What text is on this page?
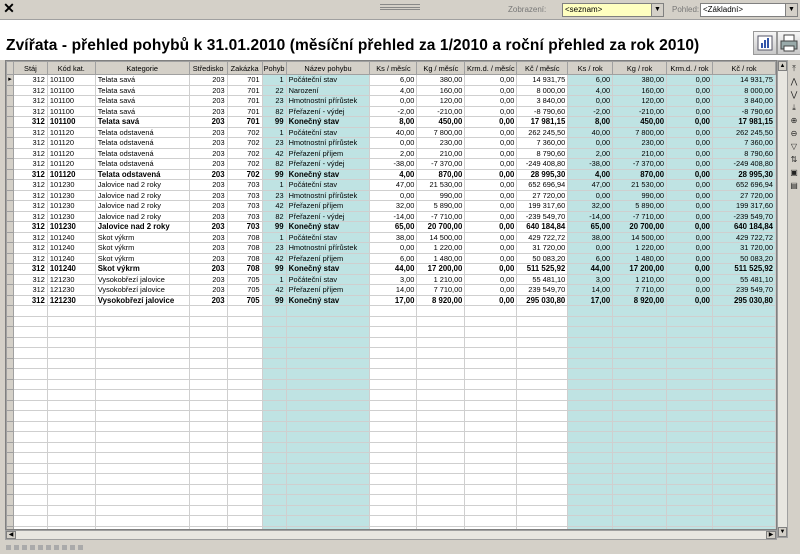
✕	Zobrazení:	<seznam>	▼ Pohled: <Základní>	▼
Zvířata - přehled pohybů k 31.01.2010 (měsíční přehled za 1/2010 a roční přehled za rok 2010)
	Stáj	Kód kat.	Kategorie	Středisko	Zakázka	Pohyb	Název pohybu	Ks / měsíc	Kg / měsíc	Krm.d. / měsíc	Kč / měsíc	Ks / rok	Kg / rok	Krm.d. / rok	Kč / rok
▸	312	101100	Telata savá	203	701	1	Počáteční stav	6,00	380,00	0,00	14 931,75	6,00	380,00	0,00	14 931,75
	312	101100	Telata savá	203	701	22	Narození	4,00	160,00	0,00	8 000,00	4,00	160,00	0,00	8 000,00
	312	101100	Telata savá	203	701	23	Hmotnostní přírůstek	0,00	120,00	0,00	3 840,00	0,00	120,00	0,00	3 840,00
	312	101100	Telata savá	203	701	82	Přeřazení - výdej	-2,00	-210,00	0,00	-8 790,60	-2,00	-210,00	0,00	-8 790,60
	312	101100	Telata savá	203	701	99	Konečný stav	8,00	450,00	0,00	17 981,15	8,00	450,00	0,00	17 981,15
	312	101120	Telata odstavená	203	702	1	Počáteční stav	40,00	7 800,00	0,00	262 245,50	40,00	7 800,00	0,00	262 245,50
	312	101120	Telata odstavená	203	702	23	Hmotnostní přírůstek	0,00	230,00	0,00	7 360,00	0,00	230,00	0,00	7 360,00
	312	101120	Telata odstavená	203	702	42	Přeřazení příjem	2,00	210,00	0,00	8 790,60	2,00	210,00	0,00	8 790,60
	312	101120	Telata odstavená	203	702	82	Přeřazení - výdej	-38,00	-7 370,00	0,00	-249 408,80	-38,00	-7 370,00	0,00	-249 408,80
	312	101120	Telata odstavená	203	702	99	Konečný stav	4,00	870,00	0,00	28 995,30	4,00	870,00	0,00	28 995,30
	312	101230	Jalovice nad 2 roky	203	703	1	Počáteční stav	47,00	21 530,00	0,00	652 696,94	47,00	21 530,00	0,00	652 696,94
	312	101230	Jalovice nad 2 roky	203	703	23	Hmotnostní přírůstek	0,00	990,00	0,00	27 720,00	0,00	990,00	0,00	27 720,00
	312	101230	Jalovice nad 2 roky	203	703	42	Přeřazení příjem	32,00	5 890,00	0,00	199 317,60	32,00	5 890,00	0,00	199 317,60
	312	101230	Jalovice nad 2 roky	203	703	82	Přeřazení - výdej	-14,00	-7 710,00	0,00	-239 549,70	-14,00	-7 710,00	0,00	-239 549,70
	312	101230	Jalovice nad 2 roky	203	703	99	Konečný stav	65,00	20 700,00	0,00	640 184,84	65,00	20 700,00	0,00	640 184,84
	312	101240	Skot výkrm	203	708	1	Počáteční stav	38,00	14 500,00	0,00	429 722,72	38,00	14 500,00	0,00	429 722,72
	312	101240	Skot výkrm	203	708	23	Hmotnostní přírůstek	0,00	1 220,00	0,00	31 720,00	0,00	1 220,00	0,00	31 720,00
	312	101240	Skot výkrm	203	708	42	Přeřazení příjem	6,00	1 480,00	0,00	50 083,20	6,00	1 480,00	0,00	50 083,20
	312	101240	Skot výkrm	203	708	99	Konečný stav	44,00	17 200,00	0,00	511 525,92	44,00	17 200,00	0,00	511 525,92
	312	121230	Vysokobřezí jalovice	203	705	1	Počáteční stav	3,00	1 210,00	0,00	55 481,10	3,00	1 210,00	0,00	55 481,10
	312	121230	Vysokobřezí jalovice	203	705	42	Přeřazení příjem	14,00	7 710,00	0,00	239 549,70	14,00	7 710,00	0,00	239 549,70
	312	121230	Vysokobřezí jalovice	203	705	99	Konečný stav	17,00	8 920,00	0,00	295 030,80	17,00	8 920,00	0,00	295 030,80

▲
▼
◀	▶
⤒
⋀
⋁
⤓
⊕
⊖
▽
⇅
▣
▤
